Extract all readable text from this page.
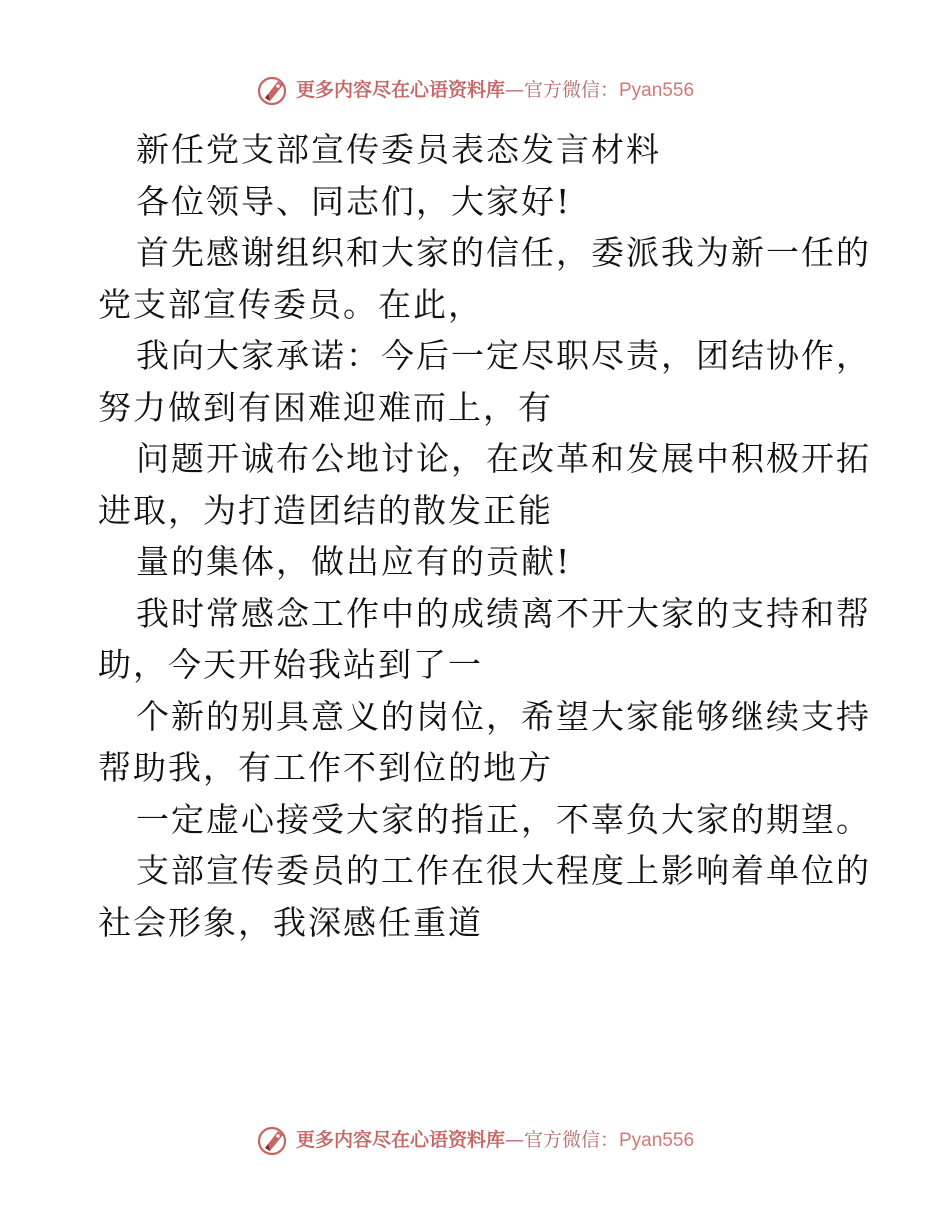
更多内容尽在心语资料库—官方微信：Pyan556

新任党支部宣传委员表态发言材料

各位领导、同志们，大家好!

首先感谢组织和大家的信任，委派我为新一任的
党支部宣传委员。在此，

我向大家承诺：今后一定尽职尽责，团结协作，
努力做到有困难迎难而上，有

问题开诚布公地讨论，在改革和发展中积极开拓
进取，为打造团结的散发正能

量的集体，做出应有的贡献!

我时常感念工作中的成绩离不开大家的支持和帮
助，今天开始我站到了一

个新的别具意义的岗位，希望大家能够继续支持
帮助我，有工作不到位的地方

一定虚心接受大家的指正，不辜负大家的期望。

支部宣传委员的工作在很大程度上影响着单位的
社会形象，我深感任重道

更多内容尽在心语资料库—官方微信：Pyan556
